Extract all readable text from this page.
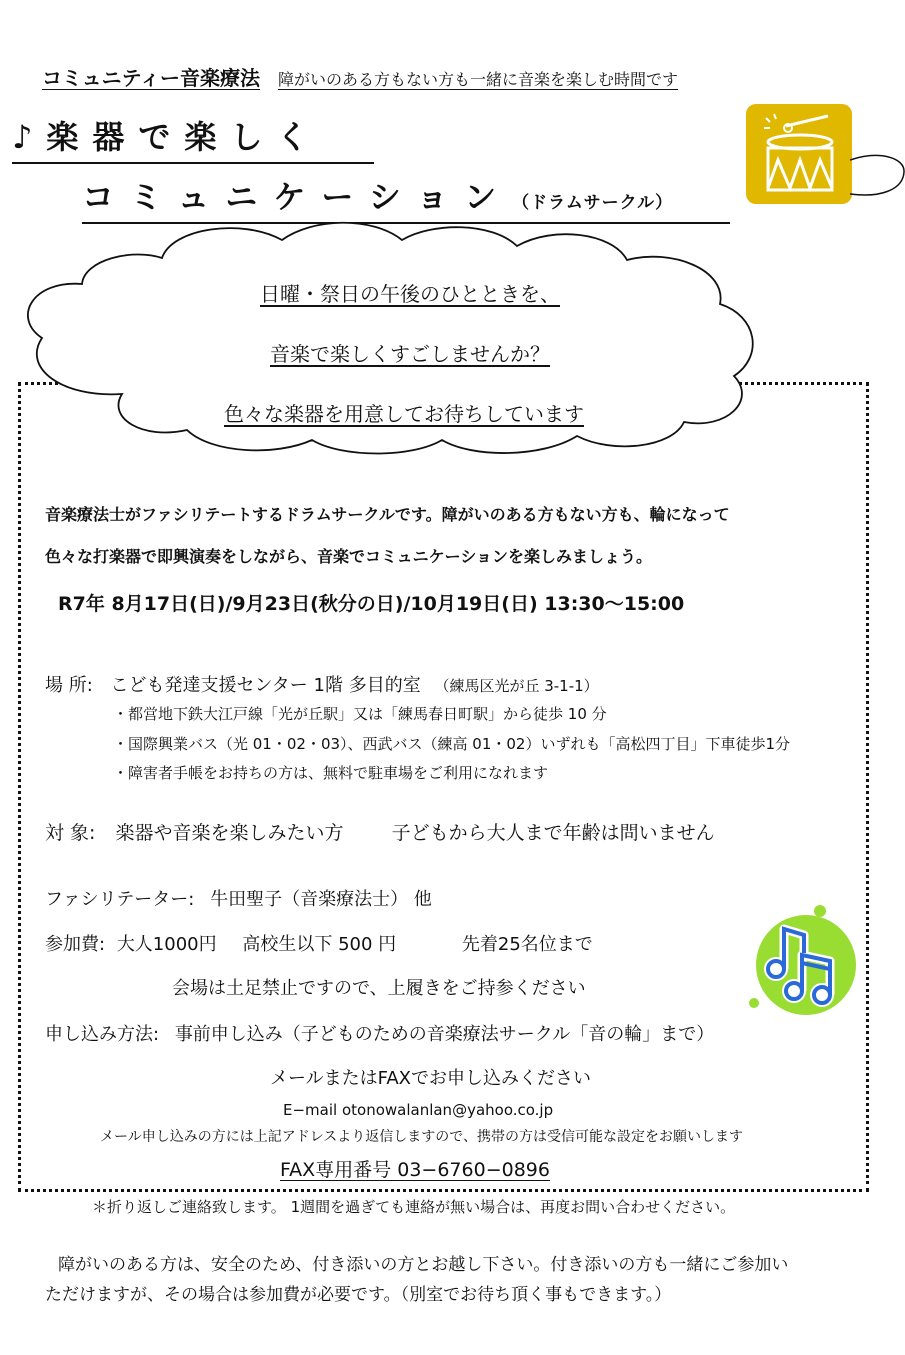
コミュニティー音楽療法 障がいのある方もない方も一緒に音楽を楽しむ時間です
♪楽器で楽しく
コミュニケーション（ドラムサークル）
日曜・祭日の午後のひとときを、
音楽で楽しくすごしませんか？
色々な楽器を用意してお待ちしています
音楽療法士がファシリテートするドラムサークルです。障がいのある方もない方も、輪になって
色々な打楽器で即興演奏をしながら、音楽でコミュニケーションを楽しみましょう。
R7年 8月17日(日)/9月23日(秋分の日)/10月19日(日) 13:30〜15:00
場 所: こども発達支援センター 1階 多目的室 （練馬区光が丘 3-1-1）
・都営地下鉄大江戸線「光が丘駅」又は「練馬春日町駅」から徒歩 10 分
・国際興業バス（光 01・02・03）、西武バス（練高 01・02）いずれも「高松四丁目」下車徒歩1分
・障害者手帳をお持ちの方は、無料で駐車場をご利用になれます
対 象: 楽器や音楽を楽しみたい方	子どもから大人まで年齢は問いません
ファシリテーター: 牛田聖子（音楽療法士） 他
参加費: 大人1000円 高校生以下 500 円	先着25名位まで
会場は土足禁止ですので、上履きをご持参ください
申し込み方法: 事前申し込み（子どものための音楽療法サークル「音の輪」まで）
メールまたはFAXでお申し込みください
E−mail otonowalanlan@yahoo.co.jp
メール申し込みの方には上記アドレスより返信しますので、携帯の方は受信可能な設定をお願いします
FAX専用番号 03−6760−0896
＊折り返しご連絡致します。 1週間を過ぎても連絡が無い場合は、再度お問い合わせください。
障がいのある方は、安全のため、付き添いの方とお越し下さい。付き添いの方も一緒にご参加い
ただけますが、その場合は参加費が必要です。（別室でお待ち頂く事もできます。）
